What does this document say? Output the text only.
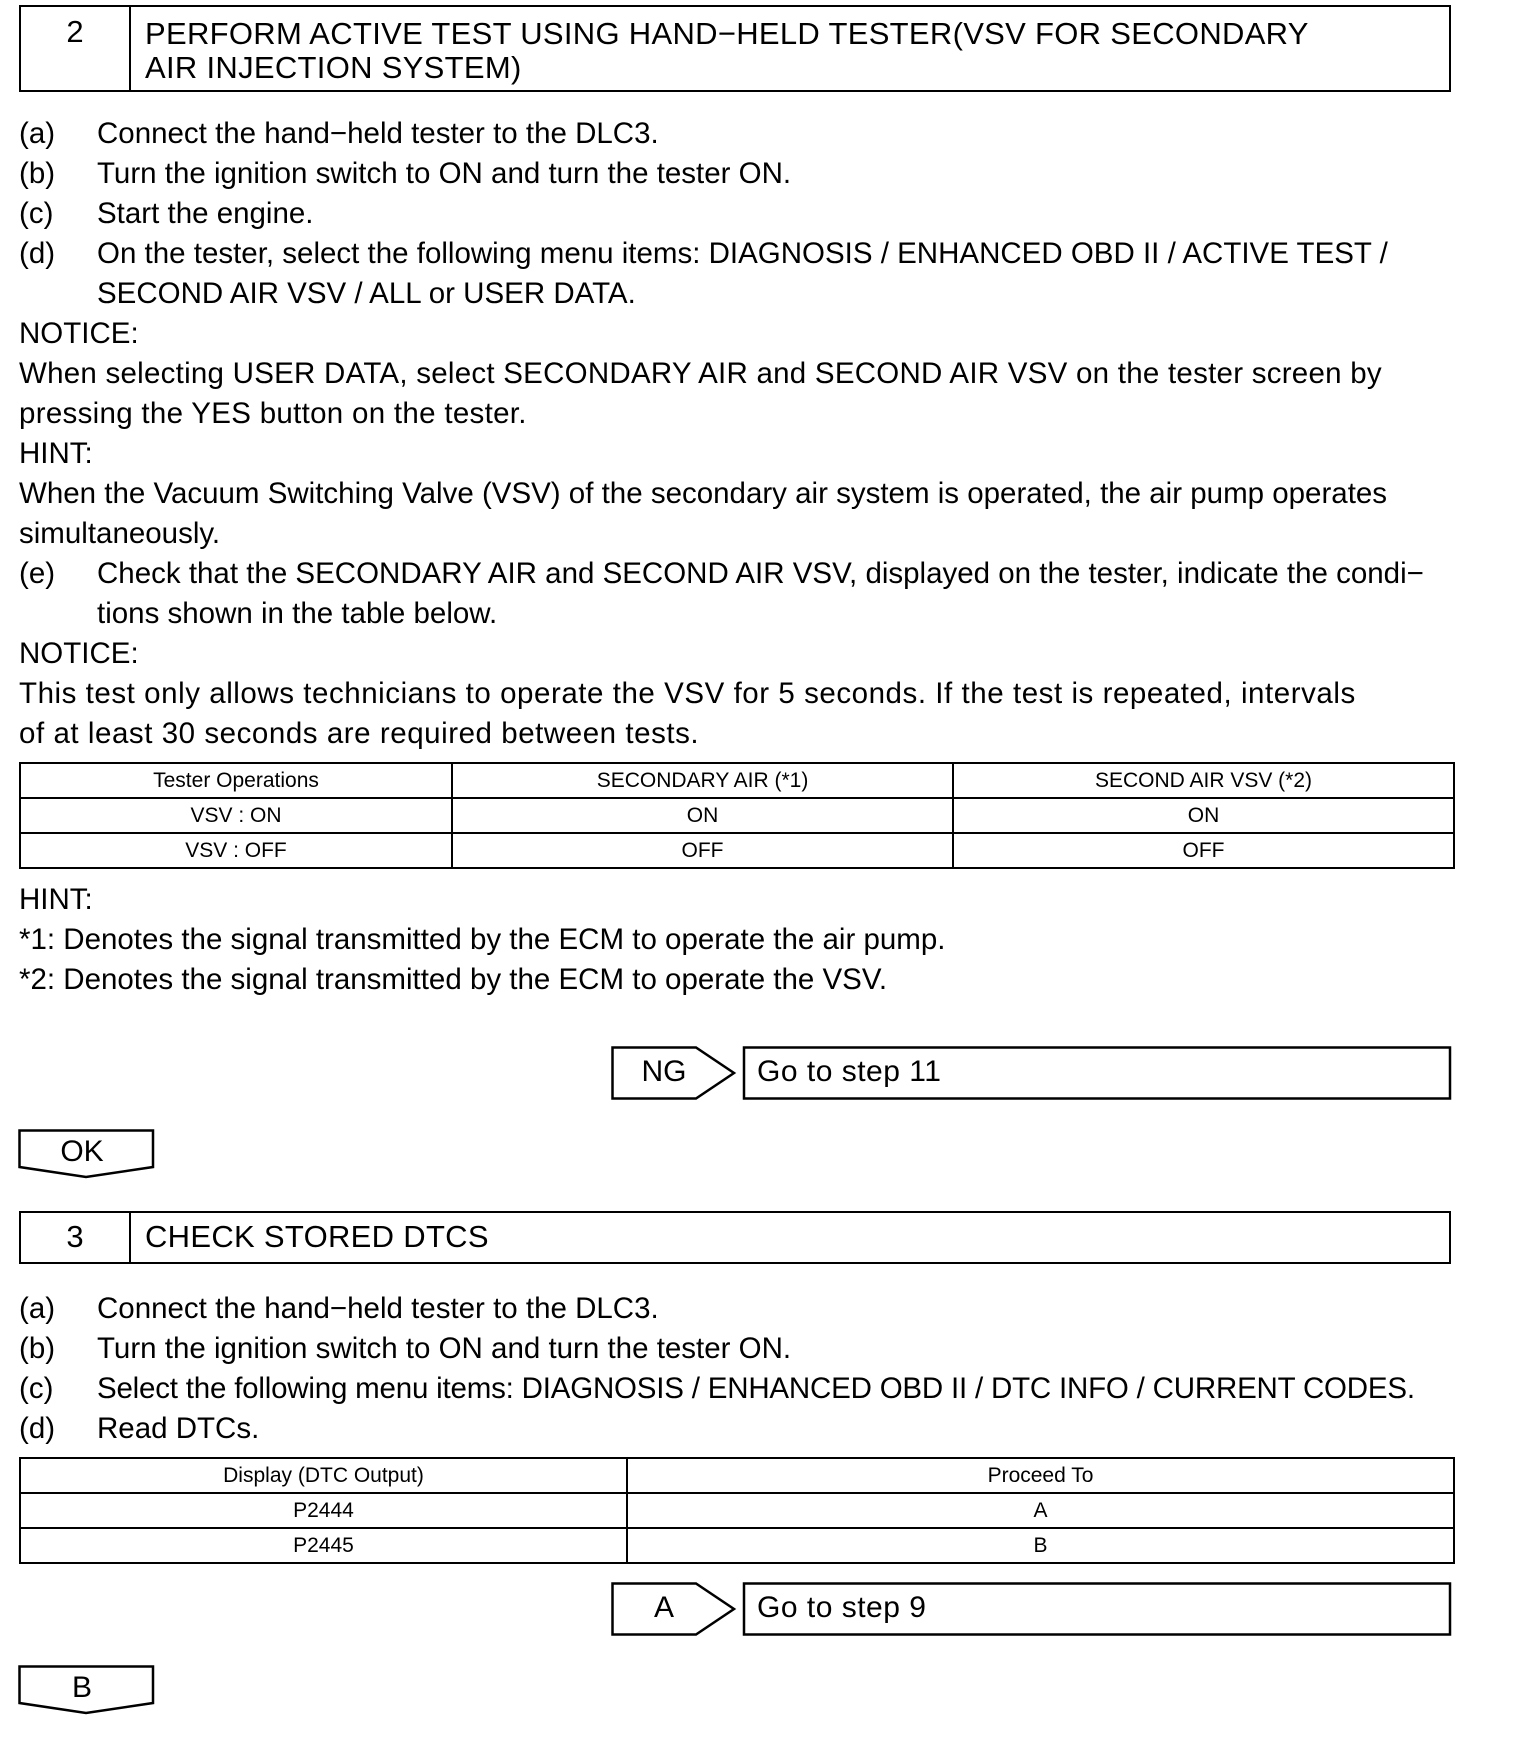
2	PERFORM ACTIVE TEST USING HAND−HELD TESTER(VSV FOR SECONDARY
AIR INJECTION SYSTEM)
(a) Connect the hand−held tester to the DLC3.
(b) Turn the ignition switch to ON and turn the tester ON.
(c) Start the engine.
(d) On the tester, select the following menu items: DIAGNOSIS / ENHANCED OBD II / ACTIVE TEST /
SECOND AIR VSV / ALL or USER DATA.
NOTICE:
When selecting USER DATA, select SECONDARY AIR and SECOND AIR VSV on the tester screen by
pressing the YES button on the tester.
HINT:
When the Vacuum Switching Valve (VSV) of the secondary air system is operated, the air pump operates
simultaneously.
(e) Check that the SECONDARY AIR and SECOND AIR VSV, displayed on the tester, indicate the condi−
tions shown in the table below.
NOTICE:
This test only allows technicians to operate the VSV for 5 seconds. If the test is repeated, intervals
of at least 30 seconds are required between tests.
Tester Operations	SECONDARY AIR (*1)	SECOND AIR VSV (*2)
VSV : ON	ON	ON
VSV : OFF	OFF	OFF
HINT:
*1: Denotes the signal transmitted by the ECM to operate the air pump.
*2: Denotes the signal transmitted by the ECM to operate the VSV.
NG	Go to step 11
OK
3	CHECK STORED DTCS
(a) Connect the hand−held tester to the DLC3.
(b) Turn the ignition switch to ON and turn the tester ON.
(c) Select the following menu items: DIAGNOSIS / ENHANCED OBD II / DTC INFO / CURRENT CODES.
(d) Read DTCs.
Display (DTC Output)	Proceed To
P2444	A
P2445	B
A	Go to step 9
B
